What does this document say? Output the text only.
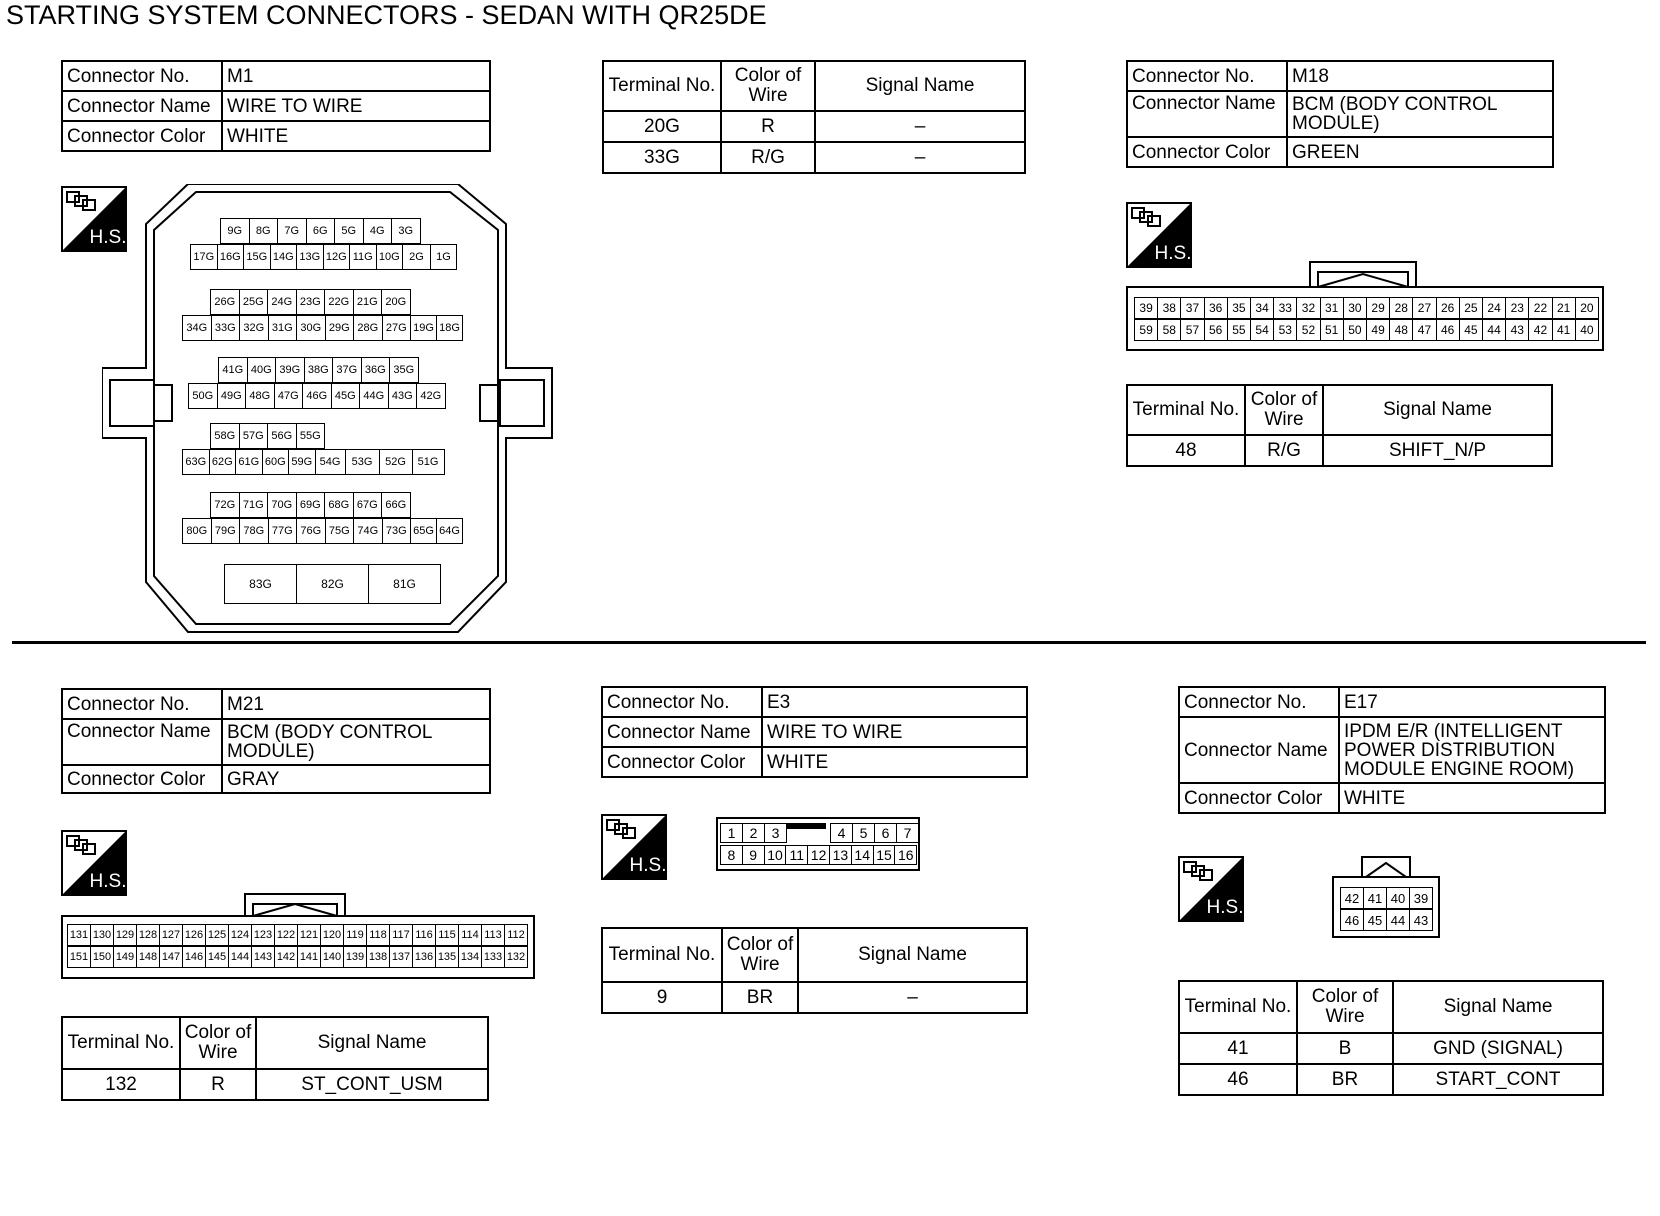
STARTING SYSTEM CONNECTORS - SEDAN WITH QR25DE
Connector No.	M1
Connector Name	WIRE TO WIRE
Connector Color	WHITE
H.S.	9G	8G	7G	6G	5G	4G	3G
17G 16G 15G 14G 13G 12G 11G 10G 2G	1G
26G 25G 24G 23G 22G 21G 20G
34G 33G 32G 31G 30G 29G 28G 27G 19G 18G
41G 40G 39G 38G 37G 36G 35G
50G 49G 48G 47G 46G 45G 44G 43G 42G
58G 57G 56G 55G
63G 62G 61G 60G 59G 54G	53G	52G	51G
72G 71G 70G 69G 68G 67G 66G
80G 79G 78G 77G 76G 75G 74G 73G 65G 64G
83G	82G	81G
Terminal No.	Color of
Wire	Signal Name
20G	R	–
33G	R/G	–
Connector No.	M18
Connector Name	BCM (BODY CONTROL
MODULE)
Connector Color	GREEN
H.S.
39 38 37 36 35 34 33 32 31 30 29 28 27 26 25 24 23 22 21 20
59 58 57 56 55 54 53 52 51 50 49 48 47 46 45 44 43 42 41 40
Terminal No.	Color of
Wire	Signal Name
48	R/G	SHIFT_N/P
Connector No.	M21
Connector Name	BCM (BODY CONTROL
MODULE)
Connector Color	GRAY
H.S.
131 130 129 128 127 126 125 124 123 122 121 120 119 118 117 116 115 114 113 112
151 150 149 148 147 146 145 144 143 142 141 140 139 138 137 136 135 134 133 132
Terminal No.	Color of
Wire	Signal Name
132	R	ST_CONT_USM
Connector No.	E3
Connector Name	WIRE TO WIRE
Connector Color	WHITE
H.S.
1	2	3	4	5	6	7
8	9 10 11 12 13 14 15 16
Terminal No.	Color of
Wire	Signal Name
9	BR	–
Connector No.	E17
Connector Name	IPDM E/R (INTELLIGENT
POWER DISTRIBUTION
MODULE ENGINE ROOM)
Connector Color	WHITE
H.S.	42 41 40 39
46 45 44 43
Terminal No.	Color of
Wire	Signal Name
41	B	GND (SIGNAL)
46	BR	START_CONT
